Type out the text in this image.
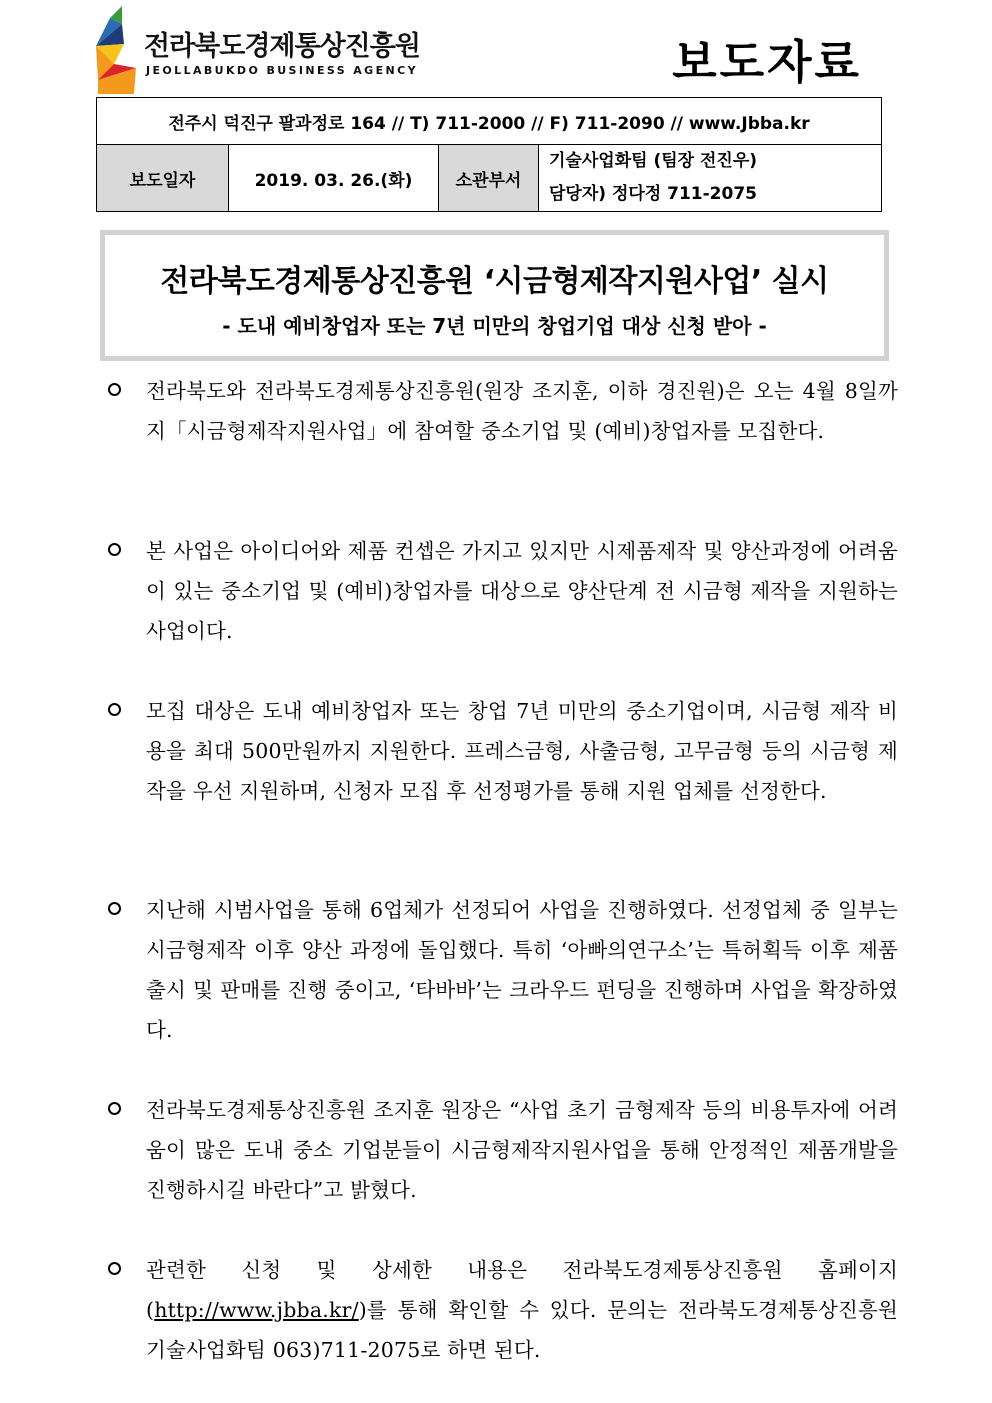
전라북도경제통상진흥원
JEOLLABUKDO BUSINESS AGENCY	보도자료
전주시 덕진구 팔과정로 164 // T) 711-2000 // F) 711-2090 // www.Jbba.kr
보도일자	2019. 03. 26.(화)	소관부서	
기술사업화팀 (팀장 전진우)
담당자) 정다정 711-2075
전라북도경제통상진흥원 ‘시금형제작지원사업’ 실시
- 도내 예비창업자 또는 7년 미만의 창업기업 대상 신청 받아 -
전라북도와 전라북도경제통상진흥원(원장 조지훈, 이하 경진원)은 오는 4월 8일까지「시금형제작지원사업」에 참여할 중소기업 및 (예비)창업자를 모집한다.
본 사업은 아이디어와 제품 컨셉은 가지고 있지만 시제품제작 및 양산과정에 어려움이 있는 중소기업 및 (예비)창업자를 대상으로 양산단계 전 시금형 제작을 지원하는 사업이다.
모집 대상은 도내 예비창업자 또는 창업 7년 미만의 중소기업이며, 시금형 제작 비용을 최대 500만원까지 지원한다. 프레스금형, 사출금형, 고무금형 등의 시금형 제작을 우선 지원하며, 신청자 모집 후 선정평가를 통해 지원 업체를 선정한다.
지난해 시범사업을 통해 6업체가 선정되어 사업을 진행하였다. 선정업체 중 일부는 시금형제작 이후 양산 과정에 돌입했다. 특히 ‘아빠의연구소’는 특허획득 이후 제품출시 및 판매를 진행 중이고, ‘타바바’는 크라우드 펀딩을 진행하며 사업을 확장하였다.
전라북도경제통상진흥원 조지훈 원장은 “사업 초기 금형제작 등의 비용투자에 어려움이 많은 도내 중소 기업분들이 시금형제작지원사업을 통해 안정적인 제품개발을 진행하시길 바란다”고 밝혔다.
관련한 신청 및 상세한 내용은 전라북도경제통상진흥원 홈페이지 (http://www.jbba.kr/)를 통해 확인할 수 있다. 문의는 전라북도경제통상진흥원 기술사업화팀 063)711-2075로 하면 된다.
